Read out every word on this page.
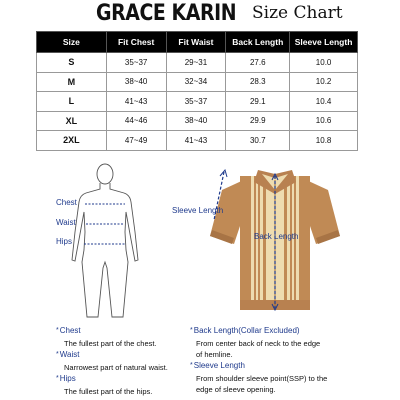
GRACE KARIN Size Chart
Size	Fit Chest	Fit Waist	Back Length	Sleeve Length
S	35~37	29~31	27.6	10.0
M	38~40	32~34	28.3	10.2
L	41~43	35~37	29.1	10.4
XL	44~46	38~40	29.9	10.6
2XL	47~49	41~43	30.7	10.8
Chest
Waist
Hips
Sleeve Length
Back Length
*Chest
The fullest part of the chest.
*Waist
Narrowest part of natural waist.
*Hips
The fullest part of the hips.
*Back Length(Collar Excluded)
From center back of neck to the edge
of hemline.
*Sleeve Length
From shoulder sleeve point(SSP) to the
edge of sleeve opening.
